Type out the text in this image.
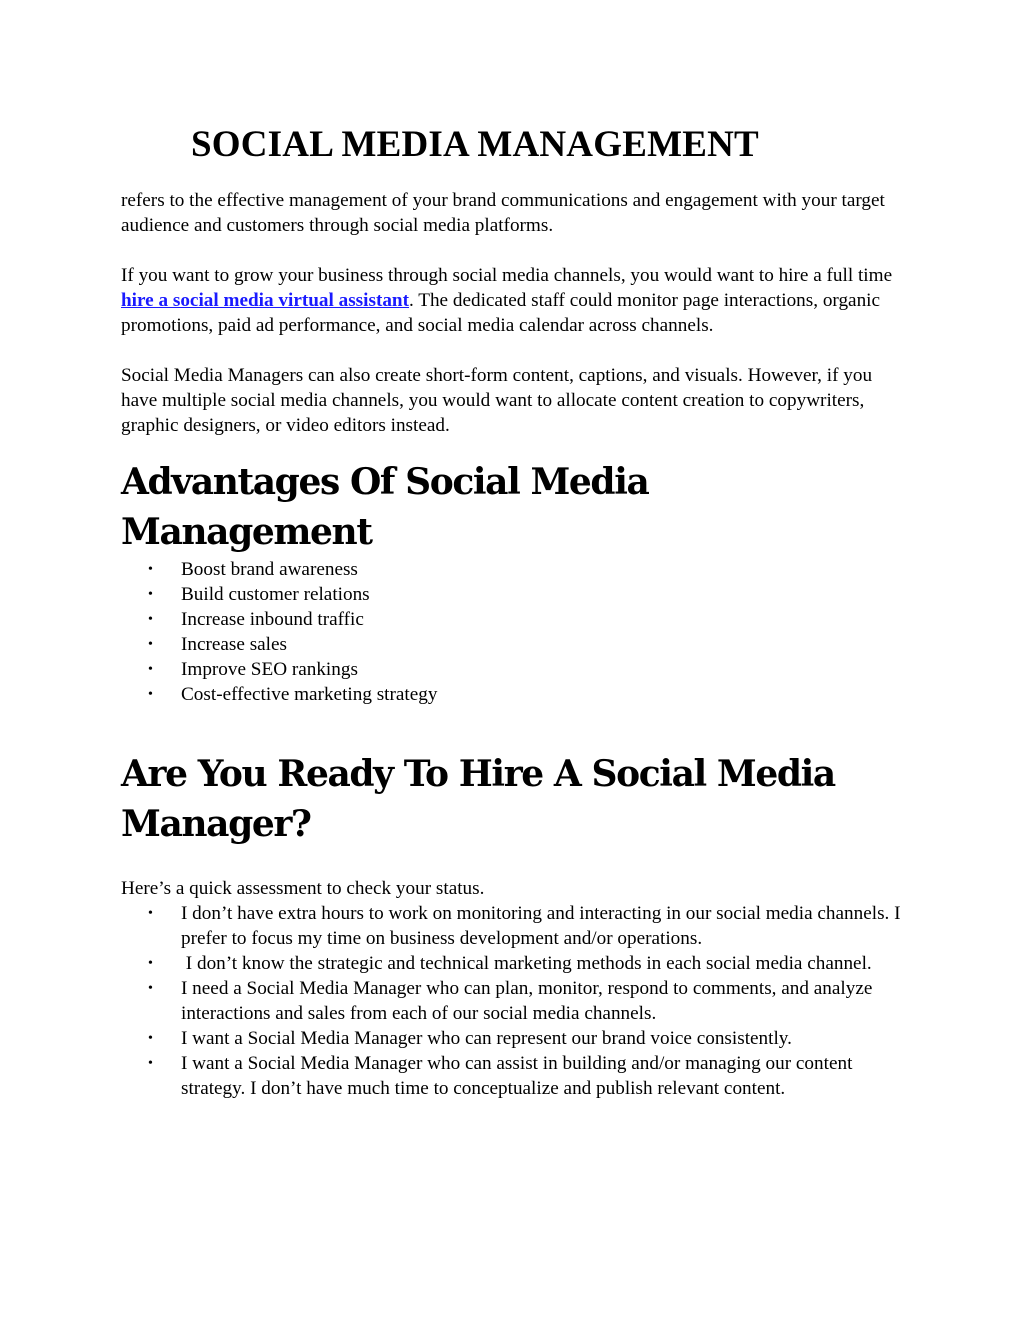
SOCIAL MEDIA MANAGEMENT

refers to the effective management of your brand communications and engagement with your target audience and customers through social media platforms.

If you want to grow your business through social media channels, you would want to hire a full time hire a social media virtual assistant. The dedicated staff could monitor page interactions, organic promotions, paid ad performance, and social media calendar across channels.

Social Media Managers can also create short-form content, captions, and visuals. However, if you have multiple social media channels, you would want to allocate content creation to copywriters, graphic designers, or video editors instead.

Advantages Of Social Media Management
• Boost brand awareness
• Build customer relations
• Increase inbound traffic
• Increase sales
• Improve SEO rankings
• Cost-effective marketing strategy
Are You Ready To Hire A Social Media Manager?

Here’s a quick assessment to check your status.

• I don’t have extra hours to work on monitoring and interacting in our social media channels. I prefer to focus my time on business development and/or operations.
• I don’t know the strategic and technical marketing methods in each social media channel.
• I need a Social Media Manager who can plan, monitor, respond to comments, and analyze interactions and sales from each of our social media channels.
• I want a Social Media Manager who can represent our brand voice consistently.
• I want a Social Media Manager who can assist in building and/or managing our content strategy. I don’t have much time to conceptualize and publish relevant content.
